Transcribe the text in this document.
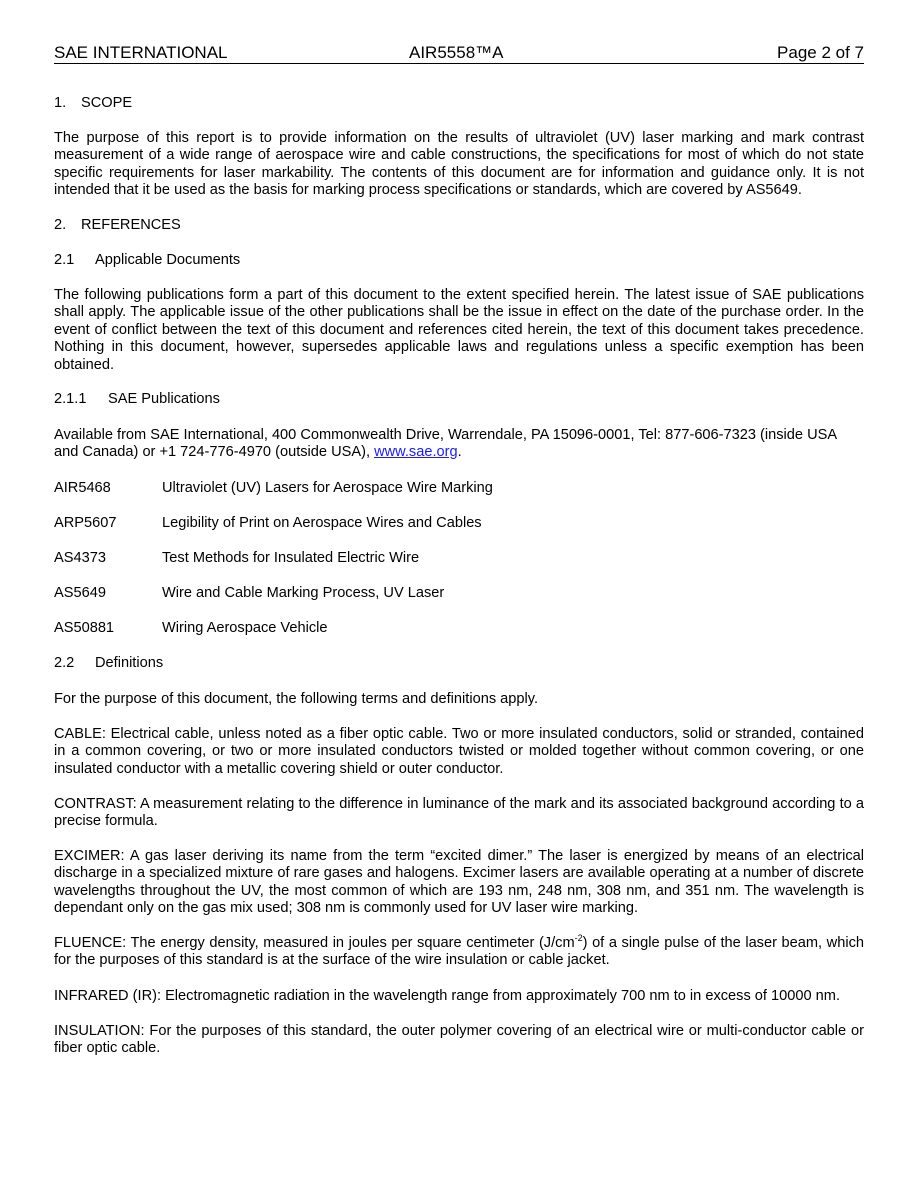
SAE INTERNATIONAL	AIR5558™A	Page 2 of 7
1. SCOPE
The purpose of this report is to provide information on the results of ultraviolet (UV) laser marking and mark contrast measurement of a wide range of aerospace wire and cable constructions, the specifications for most of which do not state specific requirements for laser markability. The contents of this document are for information and guidance only. It is not intended that it be used as the basis for marking process specifications or standards, which are covered by AS5649.
2. REFERENCES
2.1 Applicable Documents
The following publications form a part of this document to the extent specified herein. The latest issue of SAE publications shall apply. The applicable issue of the other publications shall be the issue in effect on the date of the purchase order. In the event of conflict between the text of this document and references cited herein, the text of this document takes precedence. Nothing in this document, however, supersedes applicable laws and regulations unless a specific exemption has been obtained.
2.1.1 SAE Publications
Available from SAE International, 400 Commonwealth Drive, Warrendale, PA 15096-0001, Tel: 877-606-7323 (inside USA and Canada) or +1 724-776-4970 (outside USA), www.sae.org.
AIR5468	Ultraviolet (UV) Lasers for Aerospace Wire Marking
ARP5607	Legibility of Print on Aerospace Wires and Cables
AS4373	Test Methods for Insulated Electric Wire
AS5649	Wire and Cable Marking Process, UV Laser
AS50881	Wiring Aerospace Vehicle
2.2 Definitions
For the purpose of this document, the following terms and definitions apply.
CABLE: Electrical cable, unless noted as a fiber optic cable. Two or more insulated conductors, solid or stranded, contained in a common covering, or two or more insulated conductors twisted or molded together without common covering, or one insulated conductor with a metallic covering shield or outer conductor.
CONTRAST: A measurement relating to the difference in luminance of the mark and its associated background according to a precise formula.
EXCIMER: A gas laser deriving its name from the term “excited dimer.” The laser is energized by means of an electrical discharge in a specialized mixture of rare gases and halogens. Excimer lasers are available operating at a number of discrete wavelengths throughout the UV, the most common of which are 193 nm, 248 nm, 308 nm, and 351 nm. The wavelength is dependant only on the gas mix used; 308 nm is commonly used for UV laser wire marking.
FLUENCE: The energy density, measured in joules per square centimeter $(J/cm^{-2})$ of a single pulse of the laser beam, which for the purposes of this standard is at the surface of the wire insulation or cable jacket.
INFRARED (IR): Electromagnetic radiation in the wavelength range from approximately 700 nm to in excess of 10000 nm.
INSULATION: For the purposes of this standard, the outer polymer covering of an electrical wire or multi-conductor cable or fiber optic cable.
